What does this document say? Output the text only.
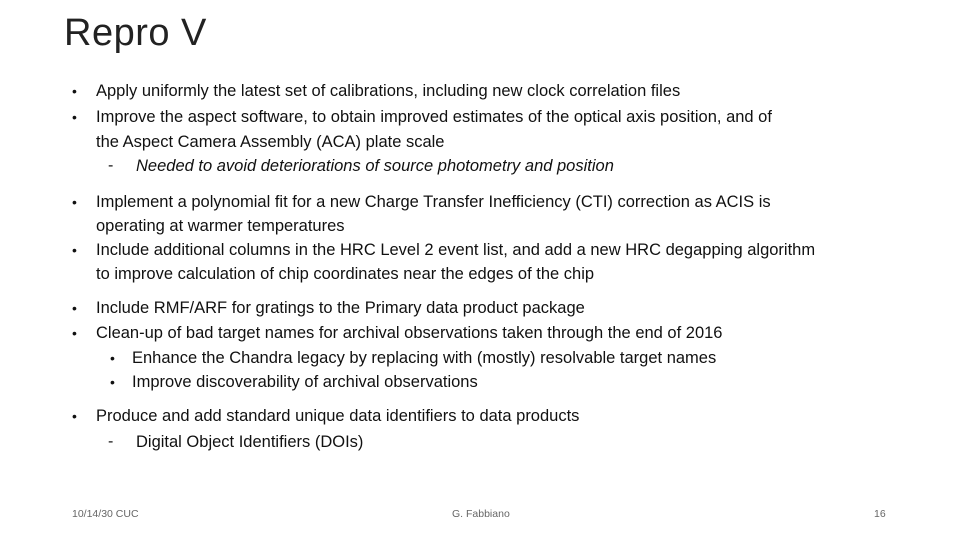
Repro V
• Apply uniformly the latest set of calibrations, including new clock correlation files
• Improve the aspect software, to obtain improved estimates of the optical axis position, and of
the Aspect Camera Assembly (ACA) plate scale
- Needed to avoid deteriorations of source photometry and position
• Implement a polynomial fit for a new Charge Transfer Inefficiency (CTI) correction as ACIS is
operating at warmer temperatures
• Include additional columns in the HRC Level 2 event list, and add a new HRC degapping algorithm
to improve calculation of chip coordinates near the edges of the chip
• Include RMF/ARF for gratings to the Primary data product package
• Clean-up of bad target names for archival observations taken through the end of 2016
• Enhance the Chandra legacy by replacing with (mostly) resolvable target names
• Improve discoverability of archival observations
• Produce and add standard unique data identifiers to data products
- Digital Object Identifiers (DOIs)
10/14/30 CUC	G. Fabbiano	16
